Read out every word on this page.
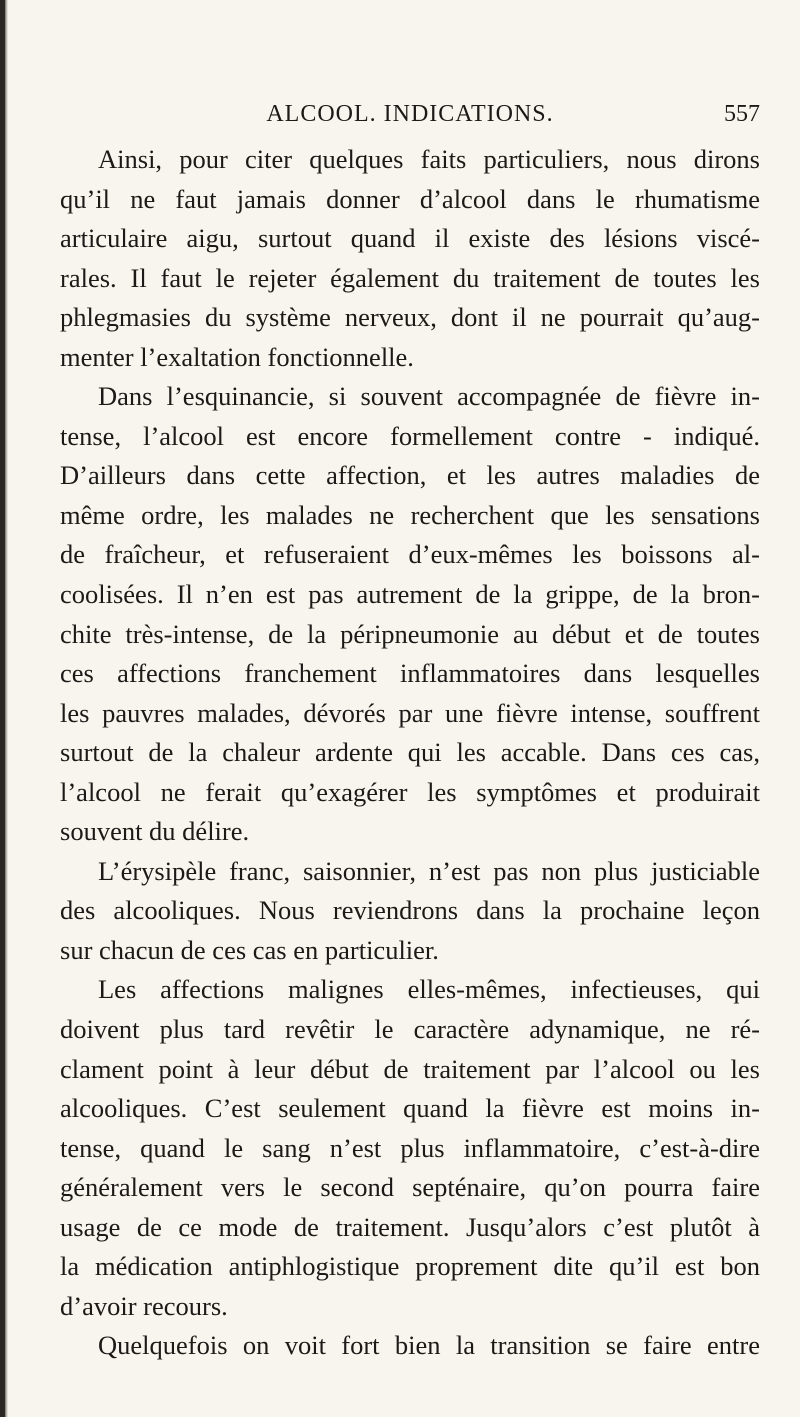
ALCOOL. INDICATIONS.	557
Ainsi, pour citer quelques faits particuliers, nous dirons
qu’il ne faut jamais donner d’alcool dans le rhumatisme
articulaire aigu, surtout quand il existe des lésions viscé-
rales. Il faut le rejeter également du traitement de toutes les
phlegmasies du système nerveux, dont il ne pourrait qu’aug-
menter l’exaltation fonctionnelle.
Dans l’esquinancie, si souvent accompagnée de fièvre in-
tense, l’alcool est encore formellement contre - indiqué.
D’ailleurs dans cette affection, et les autres maladies de
même ordre, les malades ne recherchent que les sensations
de fraîcheur, et refuseraient d’eux-mêmes les boissons al-
coolisées. Il n’en est pas autrement de la grippe, de la bron-
chite très-intense, de la péripneumonie au début et de toutes
ces affections franchement inflammatoires dans lesquelles
les pauvres malades, dévorés par une fièvre intense, souffrent
surtout de la chaleur ardente qui les accable. Dans ces cas,
l’alcool ne ferait qu’exagérer les symptômes et produirait
souvent du délire.
L’érysipèle franc, saisonnier, n’est pas non plus justiciable
des alcooliques. Nous reviendrons dans la prochaine leçon
sur chacun de ces cas en particulier.
Les affections malignes elles-mêmes, infectieuses, qui
doivent plus tard revêtir le caractère adynamique, ne ré-
clament point à leur début de traitement par l’alcool ou les
alcooliques. C’est seulement quand la fièvre est moins in-
tense, quand le sang n’est plus inflammatoire, c’est-à-dire
généralement vers le second septénaire, qu’on pourra faire
usage de ce mode de traitement. Jusqu’alors c’est plutôt à
la médication antiphlogistique proprement dite qu’il est bon
d’avoir recours.
Quelquefois on voit fort bien la transition se faire entre
